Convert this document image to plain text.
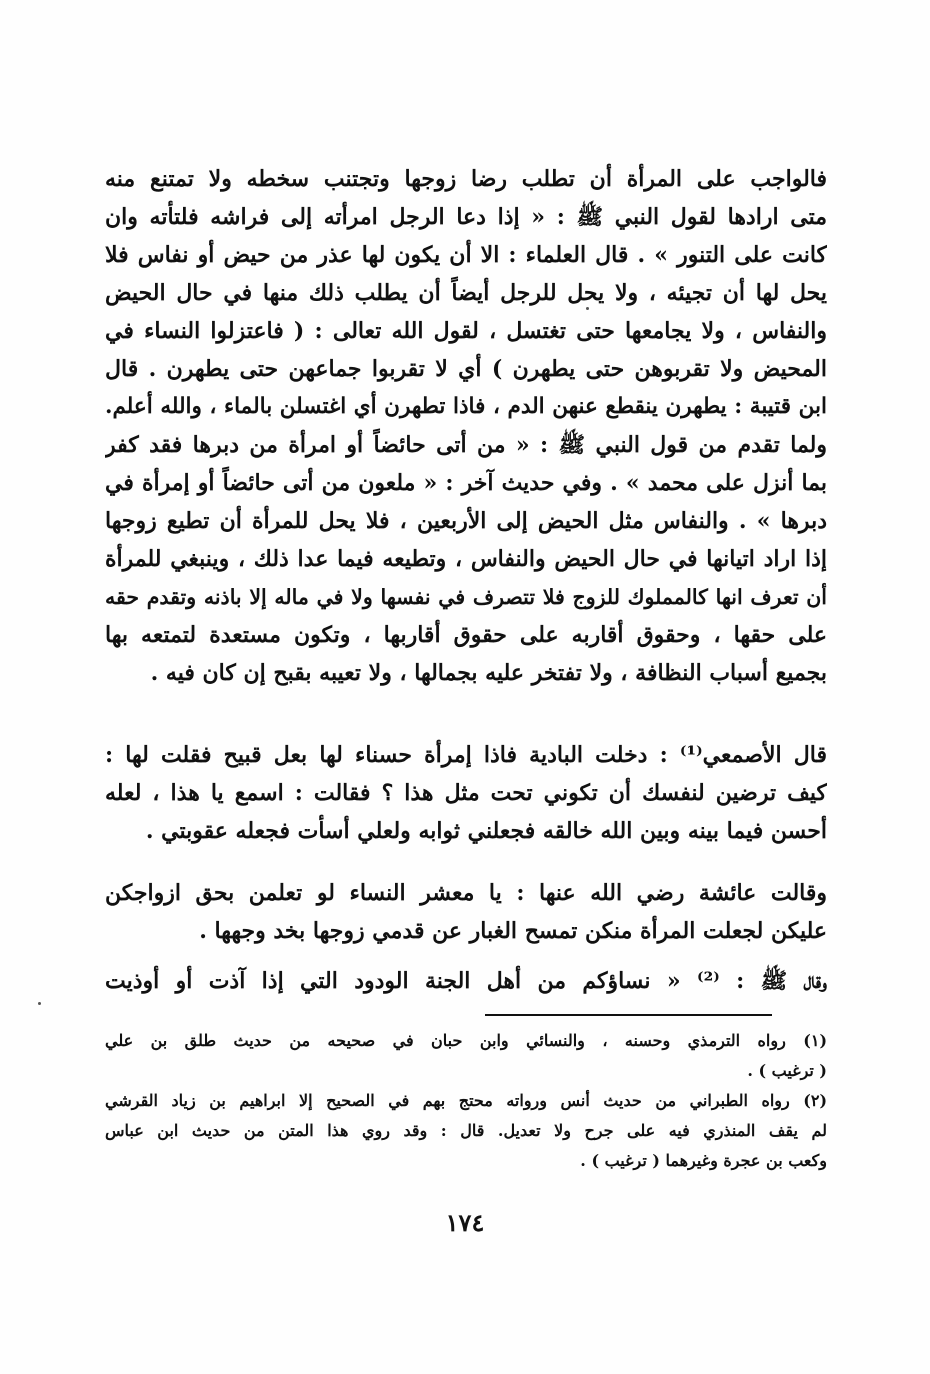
فالواجب على المرأة أن تطلب رضا زوجها وتجتنب سخطه ولا تمتنع منه
متى ارادها لقول النبي ﷺ : « إذا دعا الرجل امرأته إلى فراشه فلتأته وان
كانت على التنور » . قال العلماء : الا أن يكون لها عذر من حيض أو نفاس فلا
يحل لها أن تجيئه ، ولا يحل للرجل أيضاً أن يطلب ذلك منها في حال الحيض
والنفاس ، ولا يجامعها حتى تغتسل ، لقول الله تعالى : ( فاعتزلوا النساء في
المحيض ولا تقربوهن حتى يطهرن ) أي لا تقربوا جماعهن حتى يطهرن . قال
ابن قتيبة : يطهرن ينقطع عنهن الدم ، فاذا تطهرن أي اغتسلن بالماء ، والله أعلم.
ولما تقدم من قول النبي ﷺ : « من أتى حائضاً أو امرأة من دبرها فقد كفر
بما أنزل على محمد » . وفي حديث آخر : « ملعون من أتى حائضاً أو إمرأة في
دبرها » . والنفاس مثل الحيض إلى الأربعين ، فلا يحل للمرأة أن تطيع زوجها
إذا اراد اتيانها في حال الحيض والنفاس ، وتطيعه فيما عدا ذلك ، وينبغي للمرأة
أن تعرف انها كالمملوك للزوج فلا تتصرف في نفسها ولا في ماله إلا باذنه وتقدم حقه
على حقها ، وحقوق أقاربه على حقوق أقاربها ، وتكون مستعدة لتمتعه بها
بجميع أسباب النظافة ، ولا تفتخر عليه بجمالها ، ولا تعيبه بقبح إن كان فيه .
قال الأصمعي⁽¹⁾ : دخلت البادية فاذا إمرأة حسناء لها بعل قبيح فقلت لها :
كيف ترضين لنفسك أن تكوني تحت مثل هذا ؟ فقالت : اسمع يا هذا ، لعله
أحسن فيما بينه وبين الله خالقه فجعلني ثوابه ولعلي أسأت فجعله عقوبتي .
وقالت عائشة رضي الله عنها : يا معشر النساء لو تعلمن بحق ازواجكن
عليكن لجعلت المرأة منكن تمسح الغبار عن قدمي زوجها بخد وجهها .
وقال ﷺ : ⁽²⁾ « نساؤكم من أهل الجنة الودود التي إذا آذت أو أوذيت
(١) رواه الترمذي وحسنه ، والنسائي وابن حبان في صحيحه من حديث طلق بن علي
( ترغيب ) .
(٢) رواه الطبراني من حديث أنس ورواته محتج بهم في الصحيح إلا ابراهيم بن زياد القرشي
لم يقف المنذري فيه على جرح ولا تعديل. قال : وقد روي هذا المتن من حديث ابن عباس
وكعب بن عجرة وغيرهما ( ترغيب ) .
١٧٤
